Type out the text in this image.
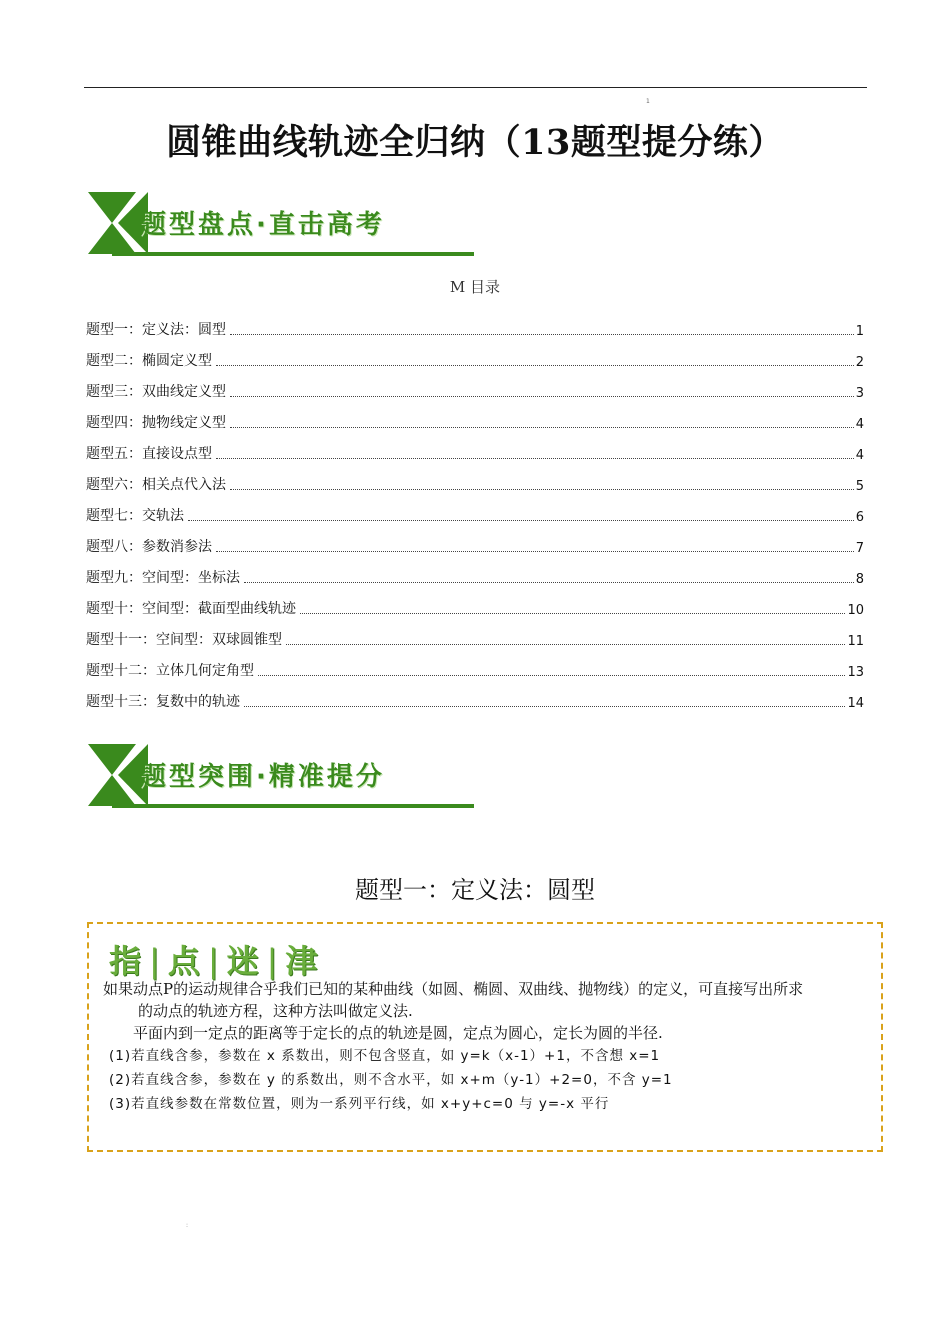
1
圆锥曲线轨迹全归纳（13题型提分练）
题型盘点·直击高考
M 目录
题型一：定义法：圆型	1
题型二：椭圆定义型	2
题型三：双曲线定义型	3
题型四：抛物线定义型	4
题型五：直接设点型	4
题型六：相关点代入法	5
题型七：交轨法	6
题型八：参数消参法	7
题型九：空间型：坐标法	8
题型十：空间型：截面型曲线轨迹	10
题型十一：空间型：双球圆锥型	11
题型十二：立体几何定角型	13
题型十三：复数中的轨迹	14
题型突围·精准提分
题型一：定义法：圆型
指 | 点 | 迷 | 津

如果动点P的运动规律合乎我们已知的某种曲线（如圆、椭圆、双曲线、抛物线）的定义，可直接写出所求

的动点的轨迹方程，这种方法叫做定义法.

平面内到一定点的距离等于定长的点的轨迹是圆，定点为圆心，定长为圆的半径.

(1)若直线含参，参数在 x 系数出，则不包含竖直，如 y=k（x-1）+1，不含想 x=1

(2)若直线含参，参数在 y 的系数出，则不含水平，如 x+m（y-1）+2=0，不含 y=1

(3)若直线参数在常数位置，则为一系列平行线，如 x+y+c=0 与 y=-x 平行

:
